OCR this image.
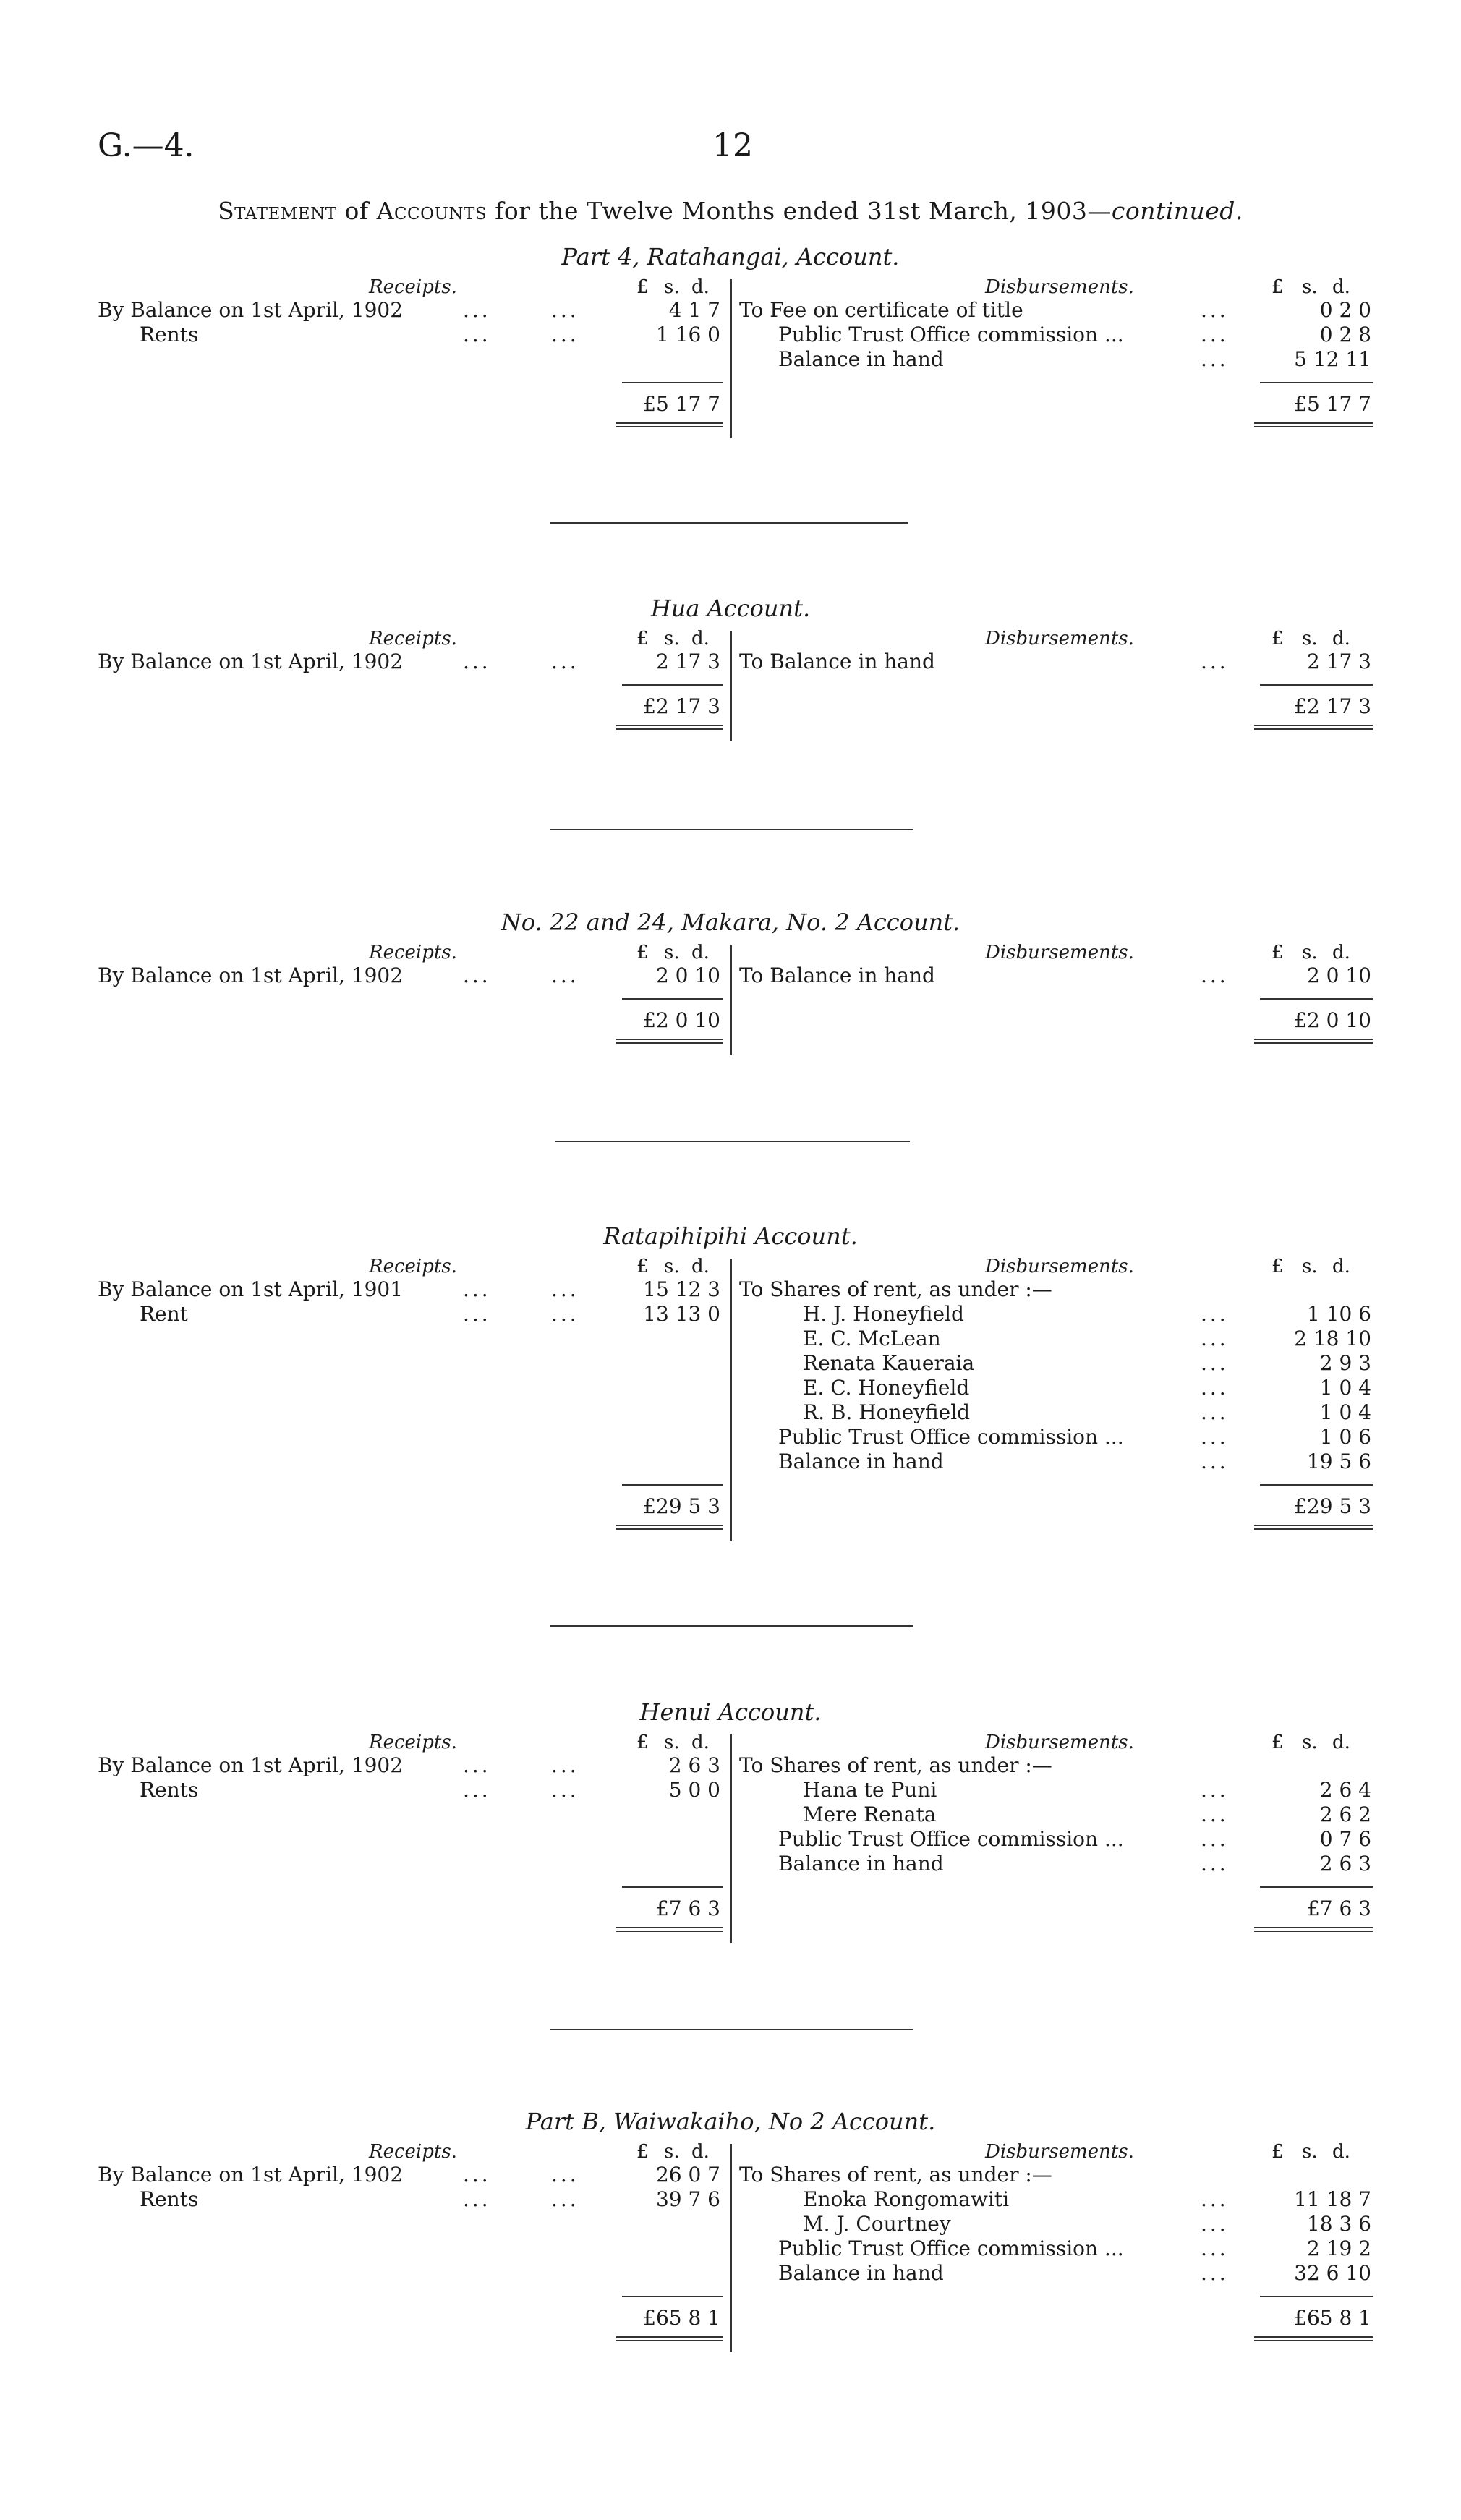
G.—4.	12
Statement of Accounts for the Twelve Months ended 31st March, 1903—continued.
Part 4, Ratahangai, Account.
Receipts.	£ s. d.	Disbursements.	£ s. d.
By Balance on 1st April, 1902	...	...	4 1 7
Rents	...	...	1 16 0
To Fee on certificate of title	...	0 2 0
Public Trust Office commission ...	...	0 2 8
Balance in hand	...	5 12 11
£5 17 7	£5 17 7
Hua Account.
Receipts.	£ s. d.	Disbursements.	£ s. d.
By Balance on 1st April, 1902	...	...	2 17 3 To Balance in hand	...	2 17 3
£2 17 3	£2 17 3
No. 22 and 24, Makara, No. 2 Account.
Receipts.	£ s. d.	Disbursements.	£ s. d.
By Balance on 1st April, 1902	...	...	2 0 10 To Balance in hand	...	2 0 10
£2 0 10	£2 0 10
Ratapihipihi Account.
Receipts.	£ s. d.	Disbursements.	£ s. d.
By Balance on 1st April, 1901	...	...	15 12 3
Rent	...	...	13 13 0
To Shares of rent, as under :—
H. J. Honeyfield	...	1 10 6
E. C. McLean	...	2 18 10
Renata Kaueraia	...	2 9 3
E. C. Honeyfield	...	1 0 4
R. B. Honeyfield	...	1 0 4
Public Trust Office commission ...	...	1 0 6
Balance in hand	...	19 5 6
£29 5 3	£29 5 3
Henui Account.
Receipts.	£ s. d.	Disbursements.	£ s. d.
By Balance on 1st April, 1902	...	...	2 6 3
Rents	...	...	5 0 0
To Shares of rent, as under :—
Hana te Puni	...	2 6 4
Mere Renata	...	2 6 2
Public Trust Office commission ...	...	0 7 6
Balance in hand	...	2 6 3
£7 6 3	£7 6 3
Part B, Waiwakaiho, No 2 Account.
Receipts.	£ s. d.	Disbursements.	£ s. d.
By Balance on 1st April, 1902	...	...	26 0 7
Rents	...	...	39 7 6
To Shares of rent, as under :—
Enoka Rongomawiti	...	11 18 7
M. J. Courtney	...	18 3 6
Public Trust Office commission ...	...	2 19 2
Balance in hand	...	32 6 10
£65 8 1	£65 8 1
